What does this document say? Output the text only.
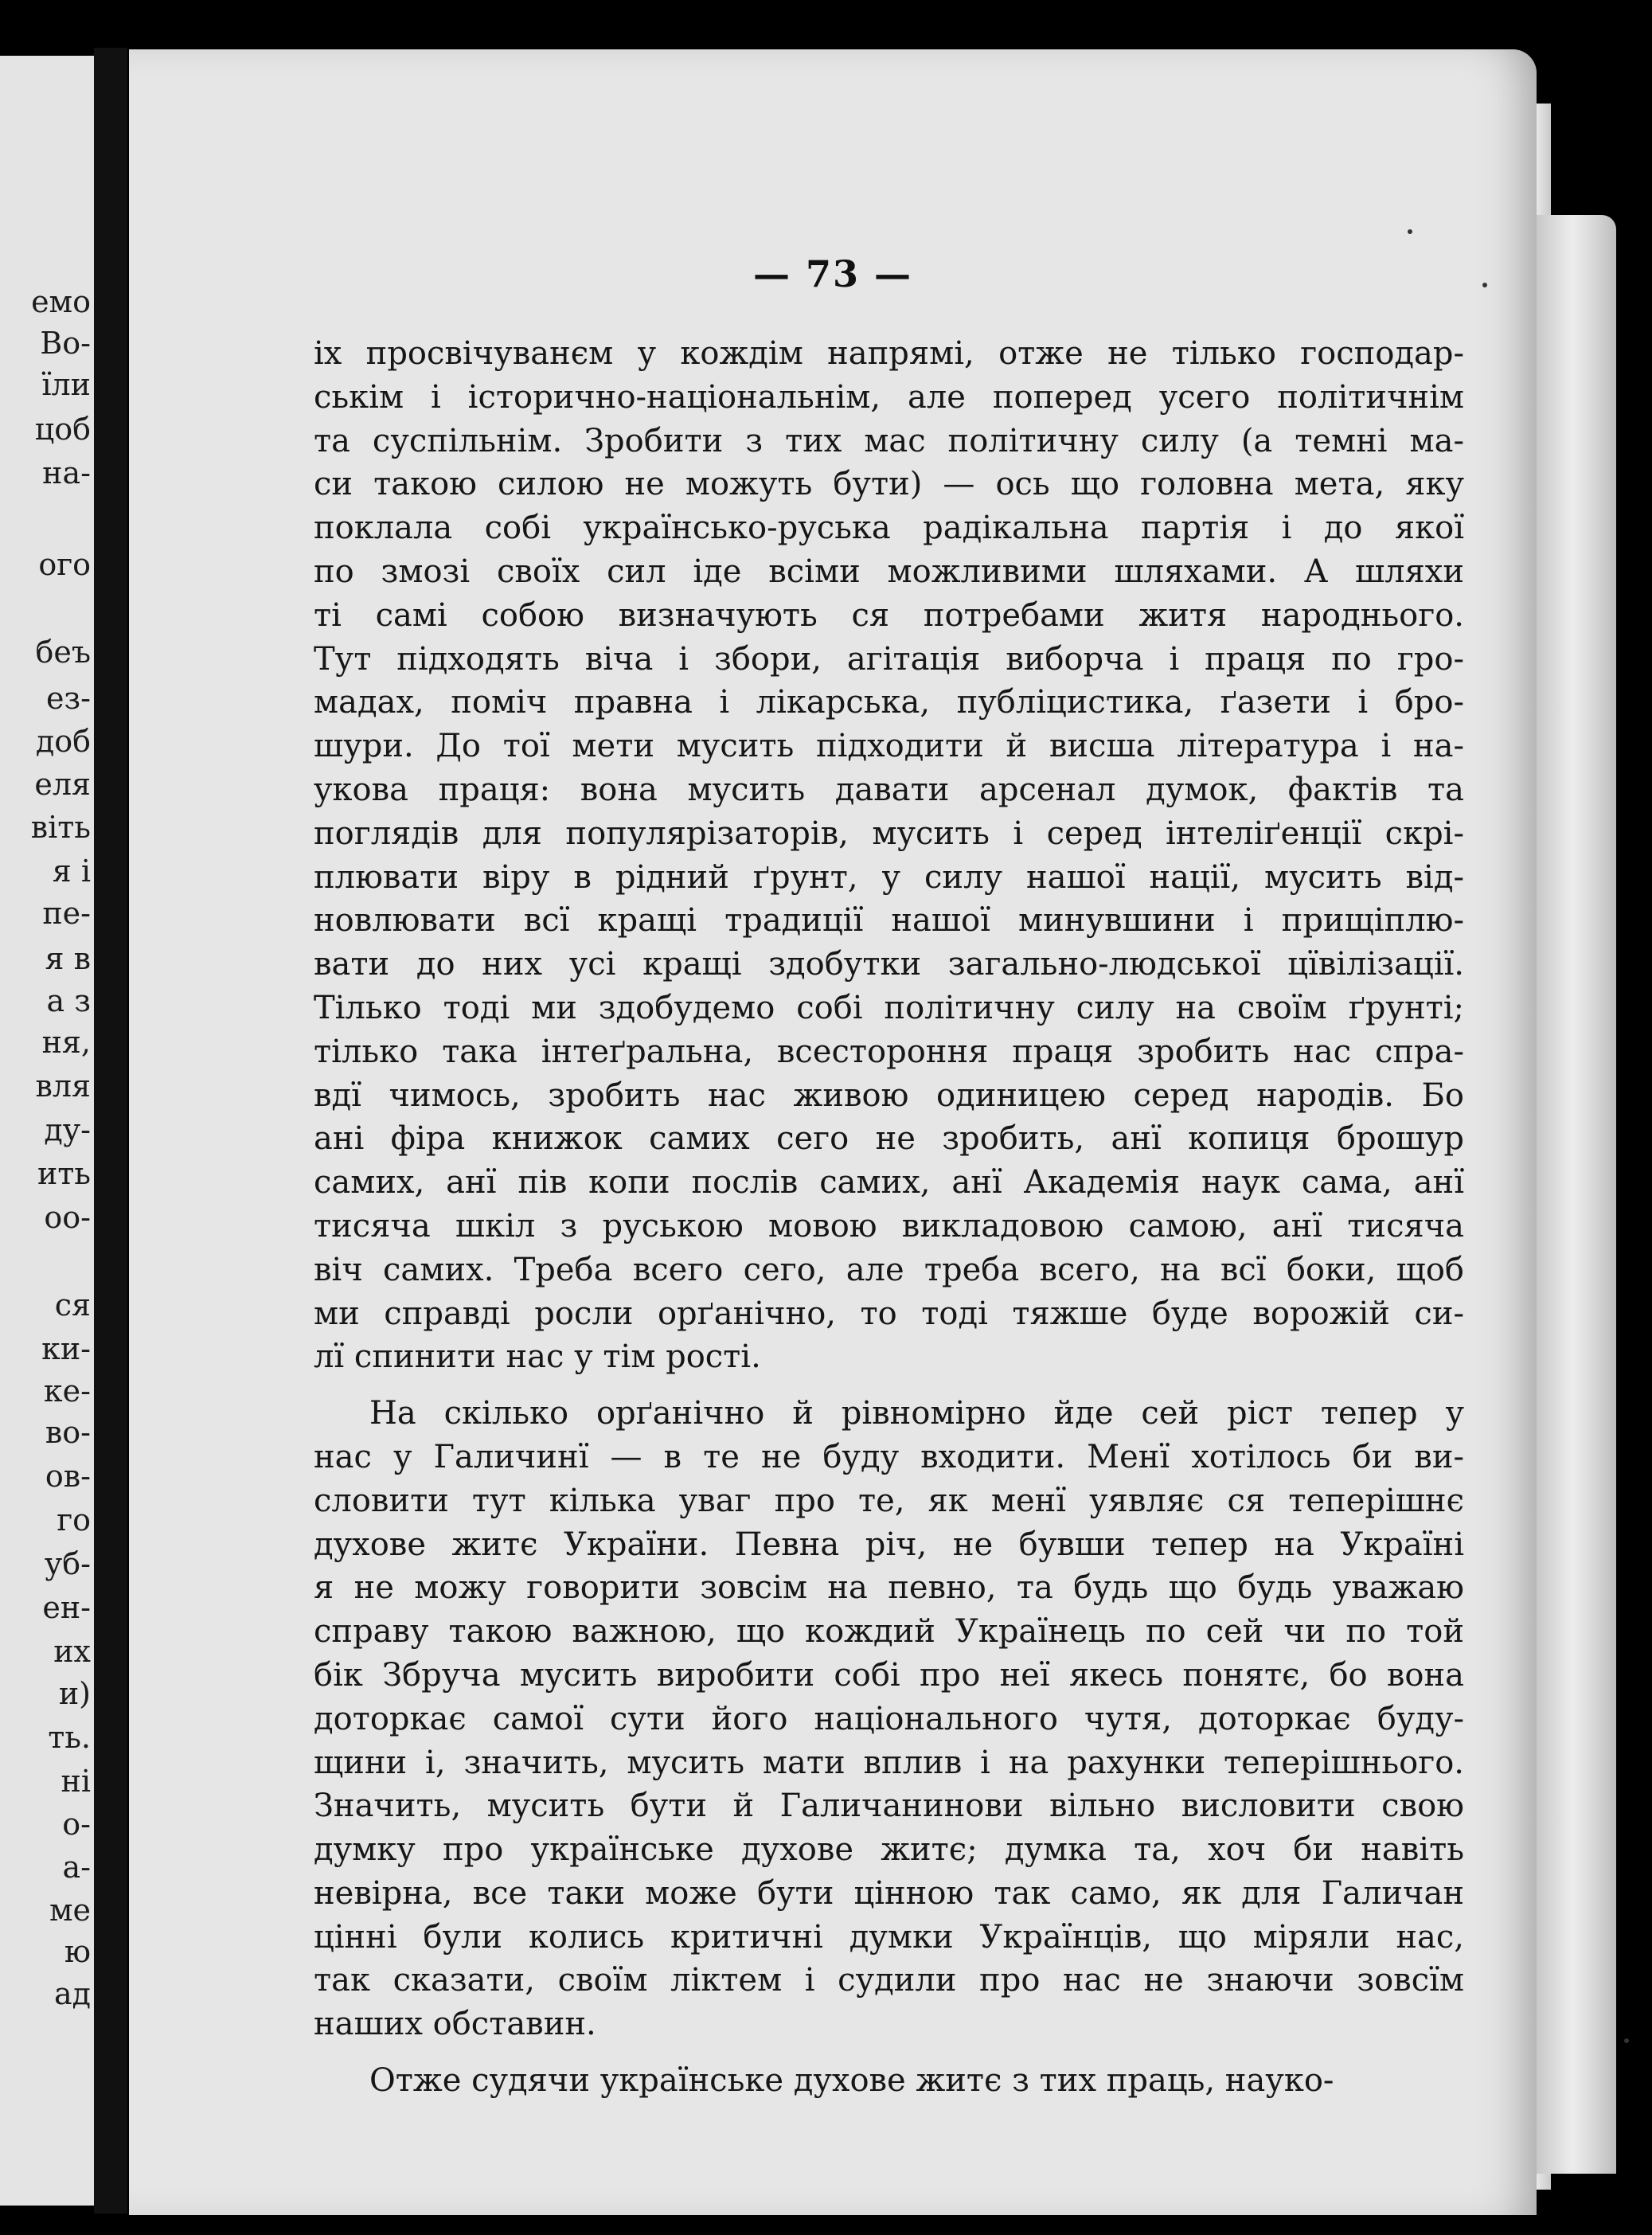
емо
Во-
їли
цоб
на-
ого
беъ
ез-
доб
еля
віть
я і
пе-
я в
а з
ня,
вля
ду-
ить
оо-
ся
ки-
ке-
во-
ов-
го
уб-
ен-
их
и)
ть.
ні
о-
а-
ме
ю
ад
— 73 —
іх просвічуванєм у кождім напрямі, отже не тілько господар-
ськім і історично-національнім, але поперед усего політичнім
та суспільнім. Зробити з тих мас політичну силу (а темні ма-
си такою силою не можуть бути) — ось що головна мета, яку
поклала собі українсько-руська радікальна партія і до якої
по змозі своїх сил іде всіми можливими шляхами. А шляхи
ті самі собою визначують ся потребами житя народнього.
Тут підходять віча і збори, агітація виборча і праця по гро-
мадах, поміч правна і лікарська, публіцистика, ґазети і бро-
шури. До тої мети мусить підходити й висша література і на-
укова праця: вона мусить давати арсенал думок, фактів та
поглядів для популярізаторів, мусить і серед інтеліґенції скрі-
плювати віру в рідний ґрунт, у силу нашої нації, мусить від-
новлювати всї кращі традиції нашої минувшини і прищіплю-
вати до них усі кращі здобутки загально-людської цївілізації.
Тілько тоді ми здобудемо собі політичну силу на своїм ґрунті;
тілько така інтеґральна, всестороння праця зробить нас спра-
вдї чимось, зробить нас живою одиницею серед народів. Бо
ані фіра книжок самих сего не зробить, анї копиця брошур
самих, анї пів копи послів самих, анї Академія наук сама, анї
тисяча шкіл з руською мовою викладовою самою, анї тисяча
віч самих. Треба всего сего, але треба всего, на всї боки, щоб
ми справді росли орґанічно, то тоді тяжше буде ворожій си-
лї спинити нас у тім рості.
На скілько орґанічно й рівномірно йде сей ріст тепер у
нас у Галичинї — в те не буду входити. Менї хотілось би ви-
словити тут кілька уваг про те, як менї уявляє ся теперішнє
духове житє України. Певна річ, не бувши тепер на Україні
я не можу говорити зовсім на певно, та будь що будь уважаю
справу такою важною, що кождий Українець по сей чи по той
бік Збруча мусить виробити собі про неї якесь понятє, бо вона
доторкає самої сути його національного чутя, доторкає буду-
щини і, значить, мусить мати вплив і на рахунки теперішнього.
Значить, мусить бути й Галичанинови вільно висловити свою
думку про українське духове житє; думка та, хоч би навіть
невірна, все таки може бути цінною так само, як для Галичан
цінні були колись критичні думки Українців, що міряли нас,
так сказати, своїм ліктем і судили про нас не знаючи зовсїм
наших обставин.
Отже судячи українське духове житє з тих праць, науко-
